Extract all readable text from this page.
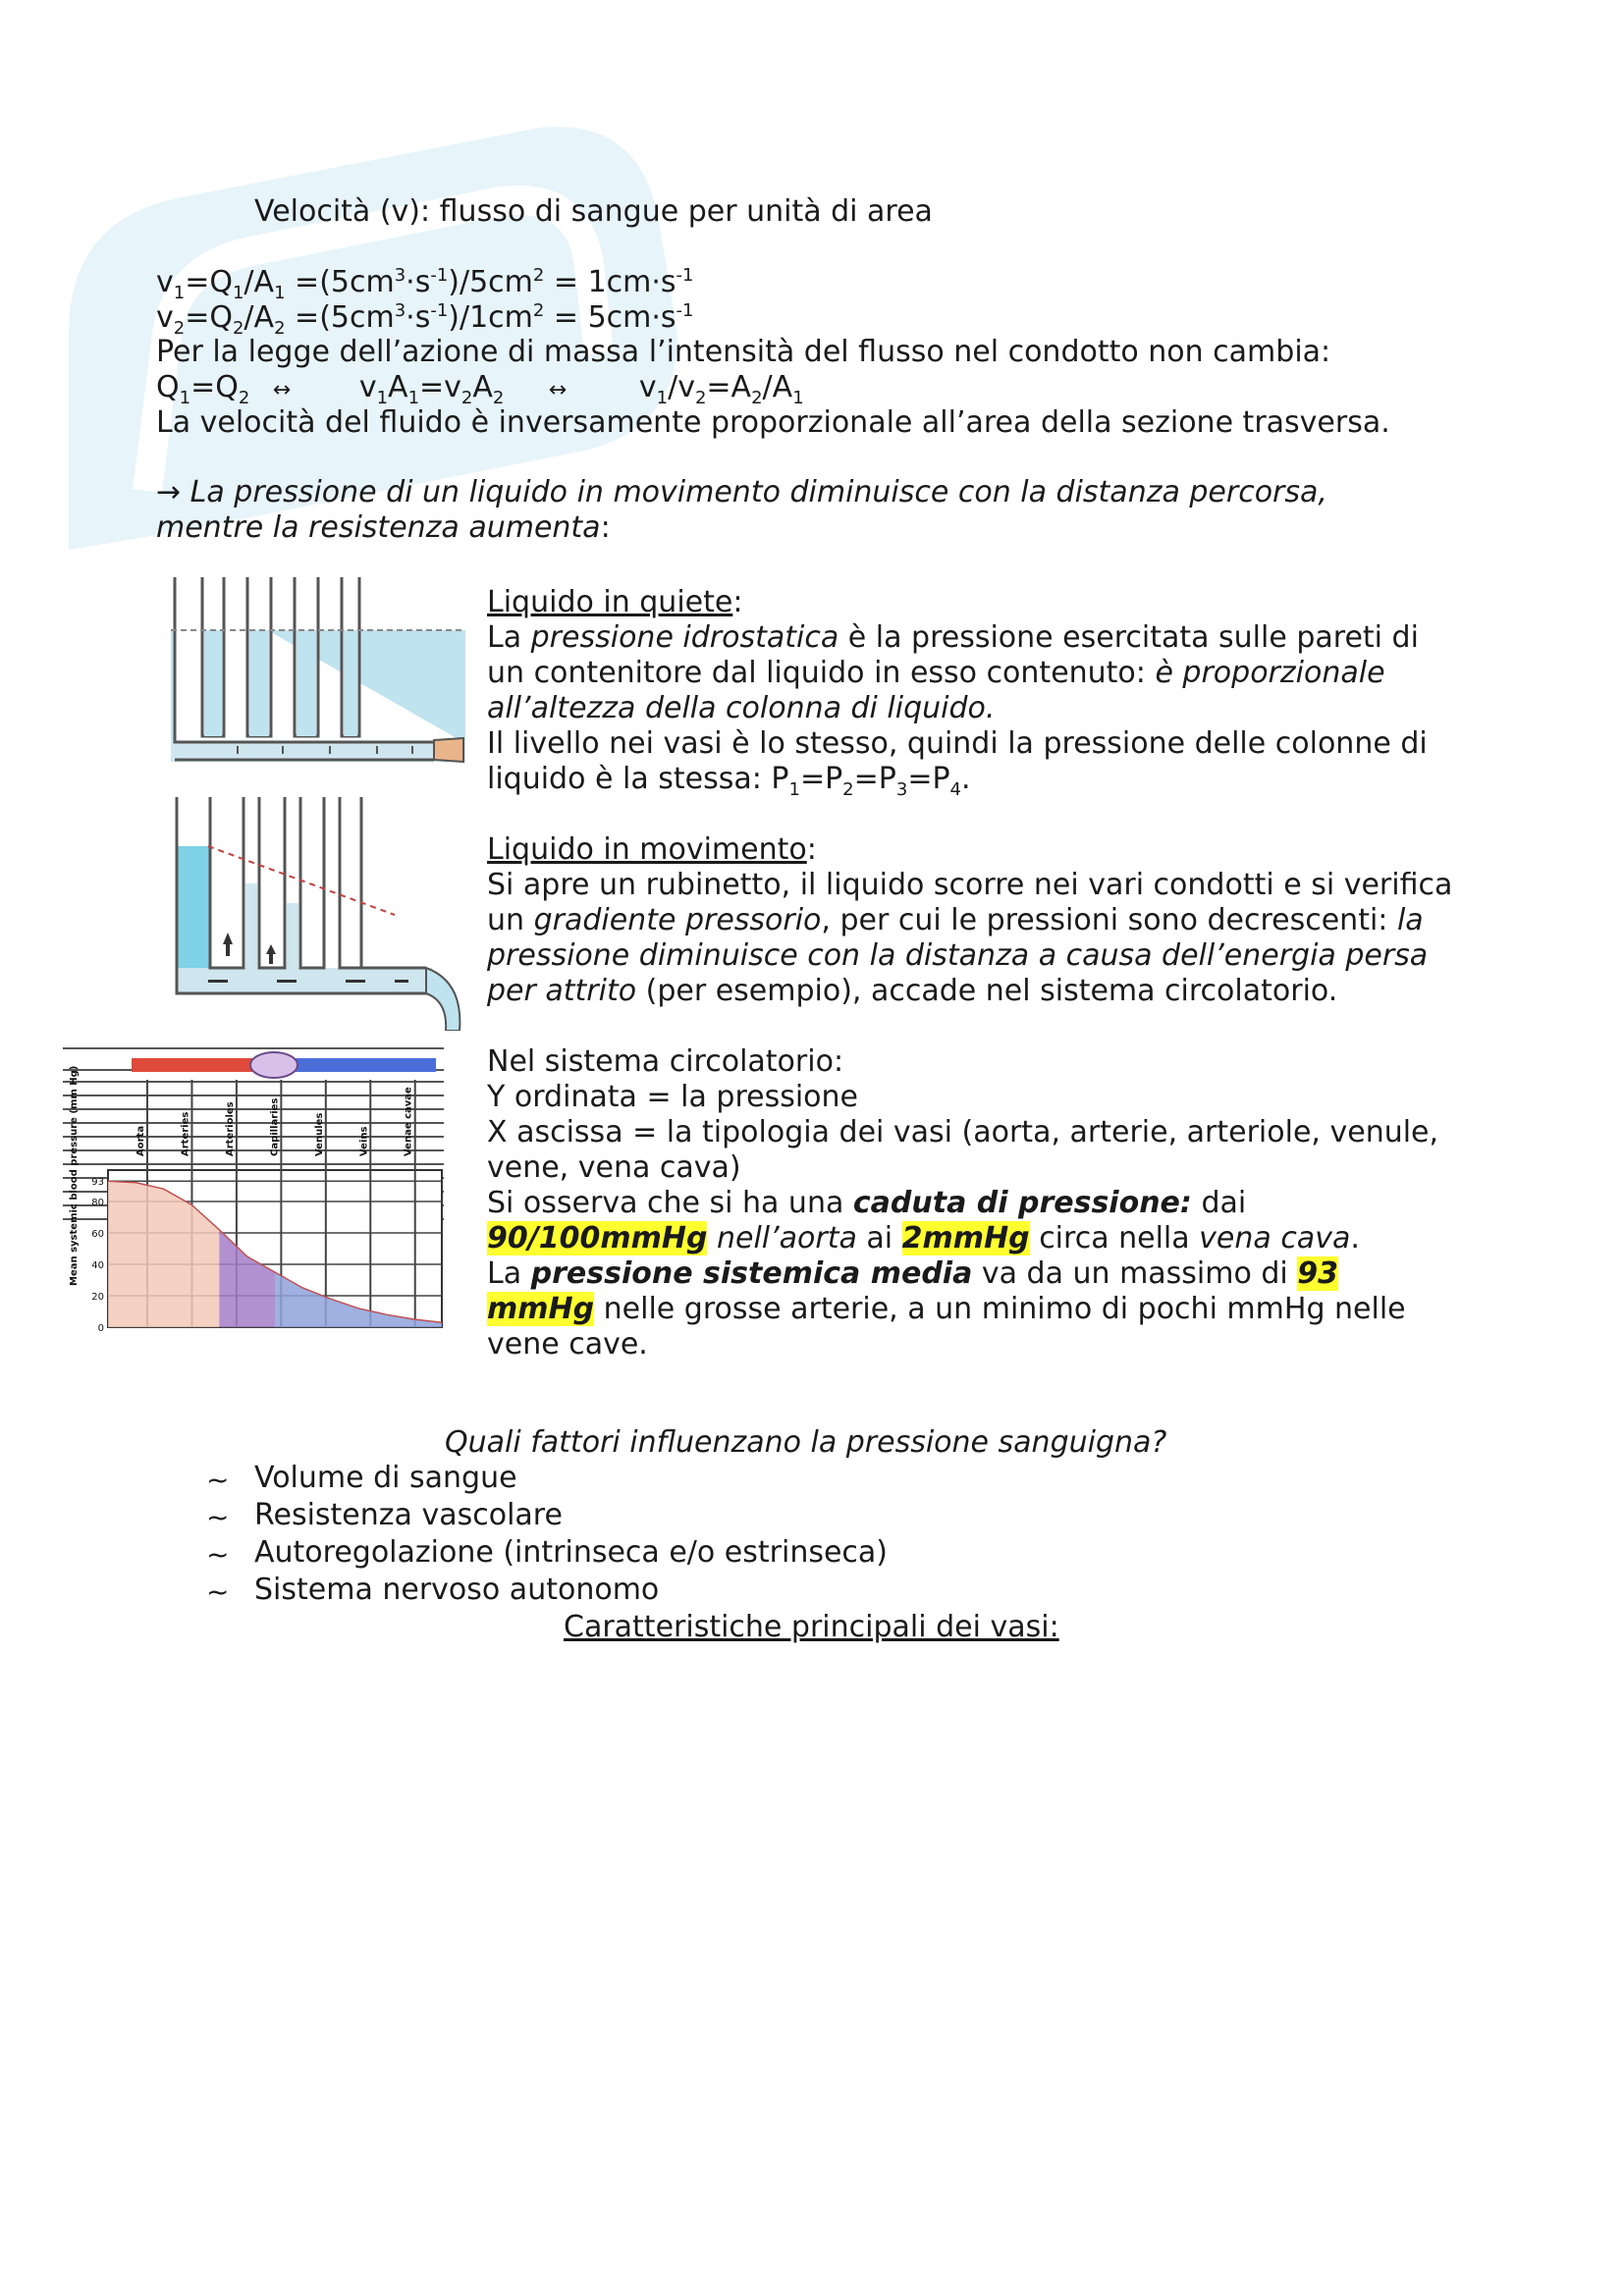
Velocità (v): flusso di sangue per unità di area
$v_1=Q_1/A_1 =(5cm^3\cdot s^{-1})/5cm^2 = 1cm\cdot s^{-1}$
$v_2=Q_2/A_2 =(5cm^3\cdot s^{-1})/1cm^2 = 5cm\cdot s^{-1}$
Per la legge dell’azione di massa l’intensità del flusso nel condotto non cambia:
$Q_1=Q_2$ ↔ $v_1A_1=v_2A_2$ ↔ $v_1/v_2=A_2/A_1$
La velocità del fluido è inversamente proporzionale all’area della sezione trasversa.
→ La pressione di un liquido in movimento diminuisce con la distanza percorsa,
mentre la resistenza aumenta:
Mean systemic blood pressure (mm Hg)	Aorta	Arteries	Arterioles	Capillaries	Venules	Veins	Venae cavae
0
20
40
60
80
93
Liquido in quiete:
La pressione idrostatica è la pressione esercitata sulle pareti di
un contenitore dal liquido in esso contenuto: è proporzionale
all’altezza della colonna di liquido.
Il livello nei vasi è lo stesso, quindi la pressione delle colonne di
liquido è la stessa: $P_1=P_2=P_3=P_4$.
Liquido in movimento:
Si apre un rubinetto, il liquido scorre nei vari condotti e si verifica
un gradiente pressorio, per cui le pressioni sono decrescenti: la
pressione diminuisce con la distanza a causa dell’energia persa
per attrito (per esempio), accade nel sistema circolatorio.
Nel sistema circolatorio:
Y ordinata = la pressione
X ascissa = la tipologia dei vasi (aorta, arterie, arteriole, venule,
vene, vena cava)
Si osserva che si ha una caduta di pressione: dai
90/100mmHg nell’aorta ai 2mmHg circa nella vena cava.
La pressione sistemica media va da un massimo di 93
mmHg nelle grosse arterie, a un minimo di pochi mmHg nelle
vene cave.
Quali fattori influenzano la pressione sanguigna?
~ Volume di sangue
~ Resistenza vascolare
~ Autoregolazione (intrinseca e/o estrinseca)
~ Sistema nervoso autonomo
Caratteristiche principali dei vasi:
